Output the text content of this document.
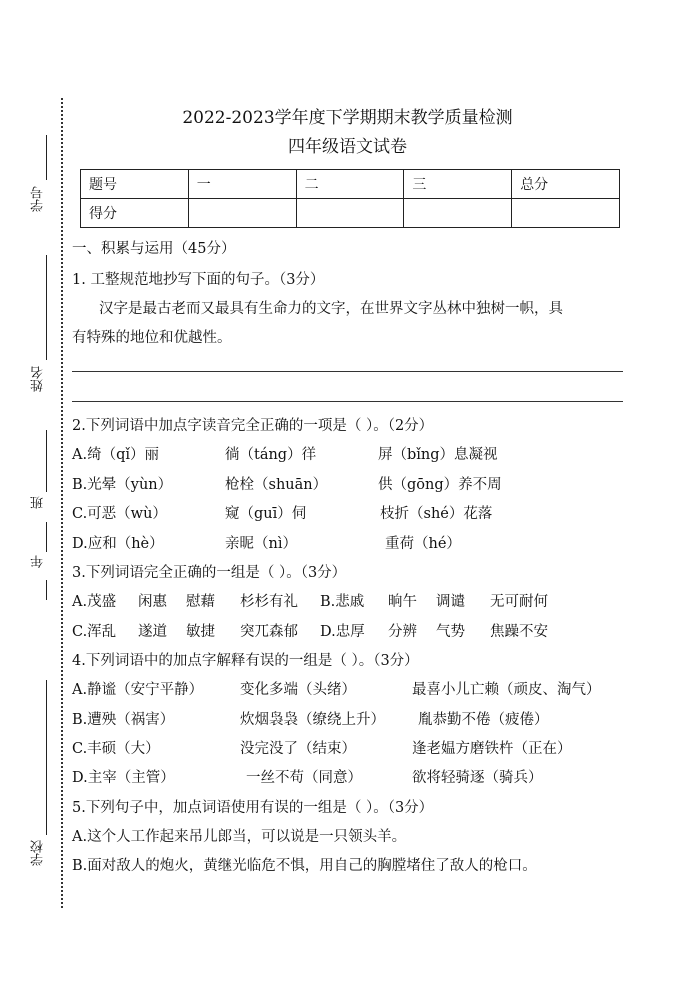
学号
姓名
班
年
学校
2022-2023学年度下学期期末教学质量检测
四年级语文试卷
题号	一	二	三	总分
得分				
一、积累与运用（45分）
1. 工整规范地抄写下面的句子。（3分）
汉字是最古老而又最具有生命力的文字，在世界文字丛林中独树一帜，具
有特殊的地位和优越性。
2.下列词语中加点字读音完全正确的一项是（ ）。（2分）
A.绮（qǐ）丽	徜（táng）徉	屏（bǐng）息凝视
B.光晕（yùn）	枪栓（shuān）	供（gōng）养不周
C.可恶（wù）	窥（guī）伺	枝折（shé）花落
D.应和（hè）	亲昵（nì）	重荷（hé）
3.下列词语完全正确的一组是（ ）。（3分）
A.茂盛 闲惠 慰藉 杉杉有礼 B.悲戚 晌午 调谴 无可耐何
C.浑乱 遂道 敏捷 突兀森郁 D.忠厚 分辨 气势 焦躁不安
4.下列词语中的加点字解释有误的一组是（ ）。（3分）
A.静谧（安宁平静）	变化多端（头绪）	最喜小儿亡赖（顽皮、淘气）
B.遭殃（祸害）	炊烟袅袅（缭绕上升） 胤恭勤不倦（疲倦）
C.丰硕（大）	没完没了（结束）	逢老媪方磨铁杵（正在）
D.主宰（主管）	一丝不苟（同意）	欲将轻骑逐（骑兵）
5.下列句子中，加点词语使用有误的一组是（ ）。（3分）
A.这个人工作起来吊儿郎当，可以说是一只领头羊。
B.面对敌人的炮火，黄继光临危不惧，用自己的胸膛堵住了敌人的枪口。
